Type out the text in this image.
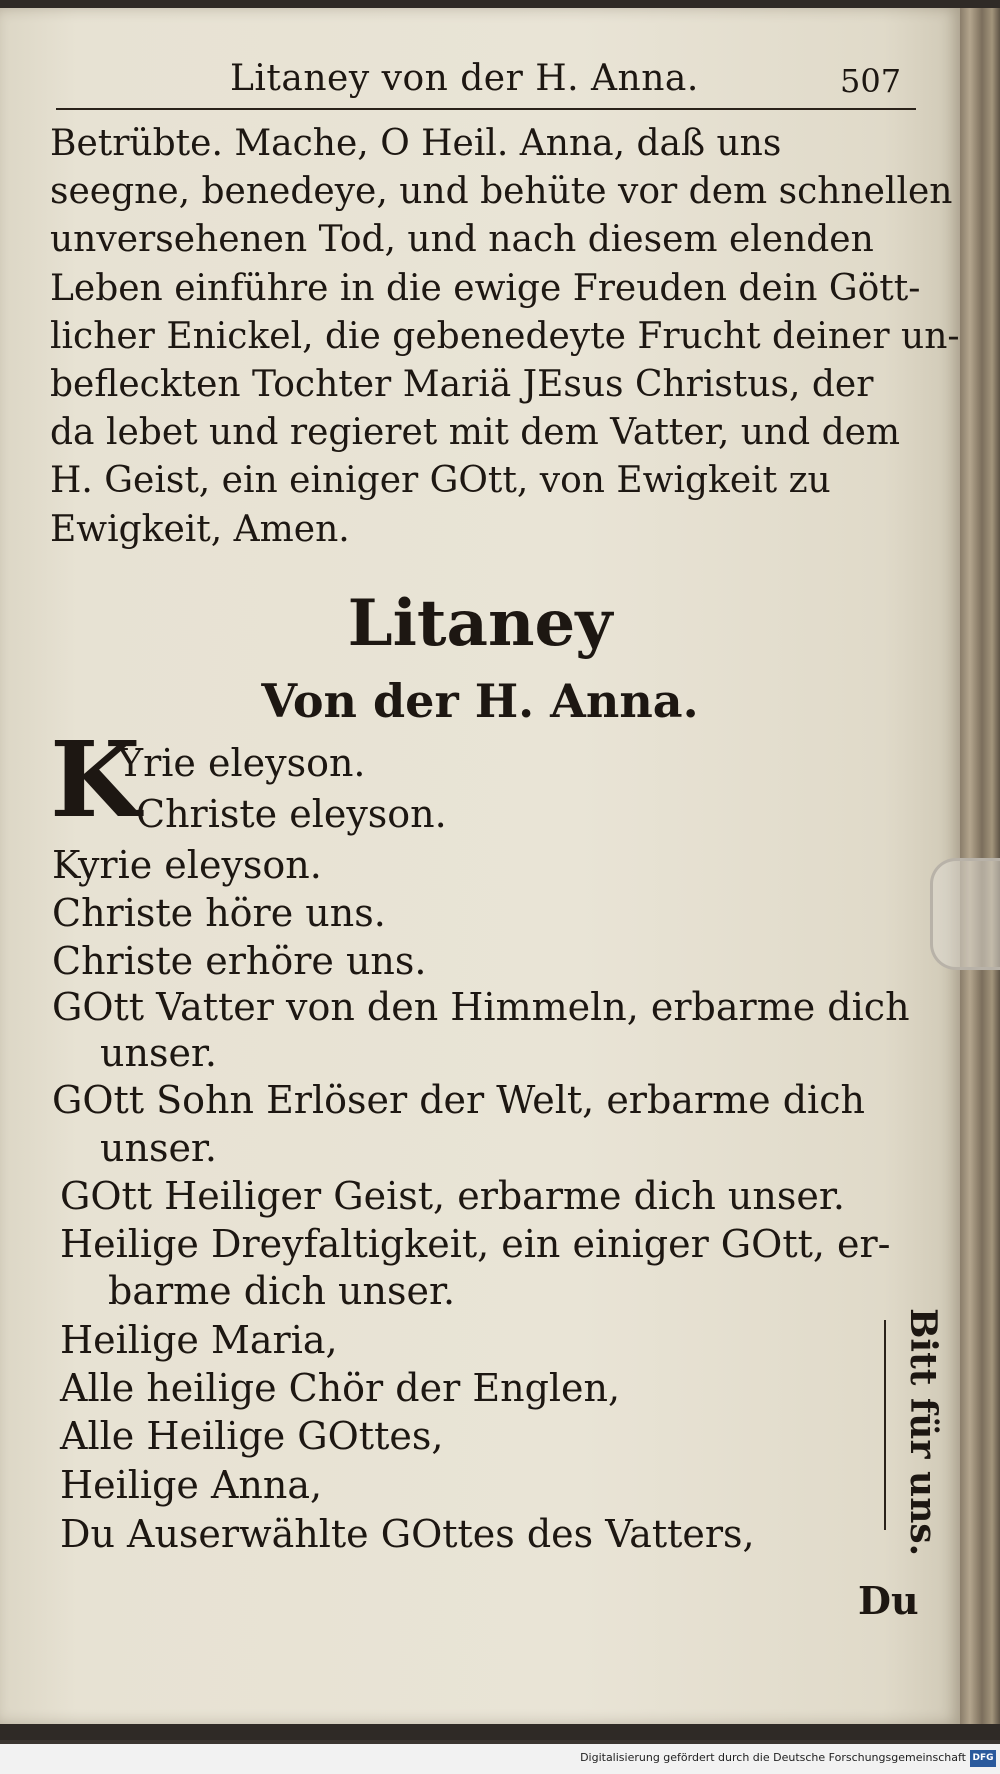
Litaney von der H. Anna.	507

Betrübte. Mache, O Heil. Anna, daß uns
seegne, benedeye, und behüte vor dem schnellen
unversehenen Tod, und nach diesem elenden
Leben einführe in die ewige Freuden dein Gött-
licher Enickel, die gebenedeyte Frucht deiner un-
befleckten Tochter Mariä JEsus Christus, der
da lebet und regieret mit dem Vatter, und dem
H. Geist, ein einiger GOtt, von Ewigkeit zu
Ewigkeit, Amen.

Litaney
Von der H. Anna.
K

Yrie eleyson.

Christe eleyson.

Kyrie eleyson.

Christe höre uns.

Christe erhöre uns.

GOtt Vatter von den Himmeln, erbarme dich

unser.

GOtt Sohn Erlöser der Welt, erbarme dich

unser.

GOtt Heiliger Geist, erbarme dich unser.

Heilige Dreyfaltigkeit, ein einiger GOtt, er-

barme dich unser.

Heilige Maria,

Alle heilige Chör der Englen,

Alle Heilige GOttes,

Heilige Anna,

Du Auserwählte GOttes des Vatters,	Bitt für uns.
Du
Digitalisierung gefördert durch die Deutsche Forschungsgemeinschaft DFG
